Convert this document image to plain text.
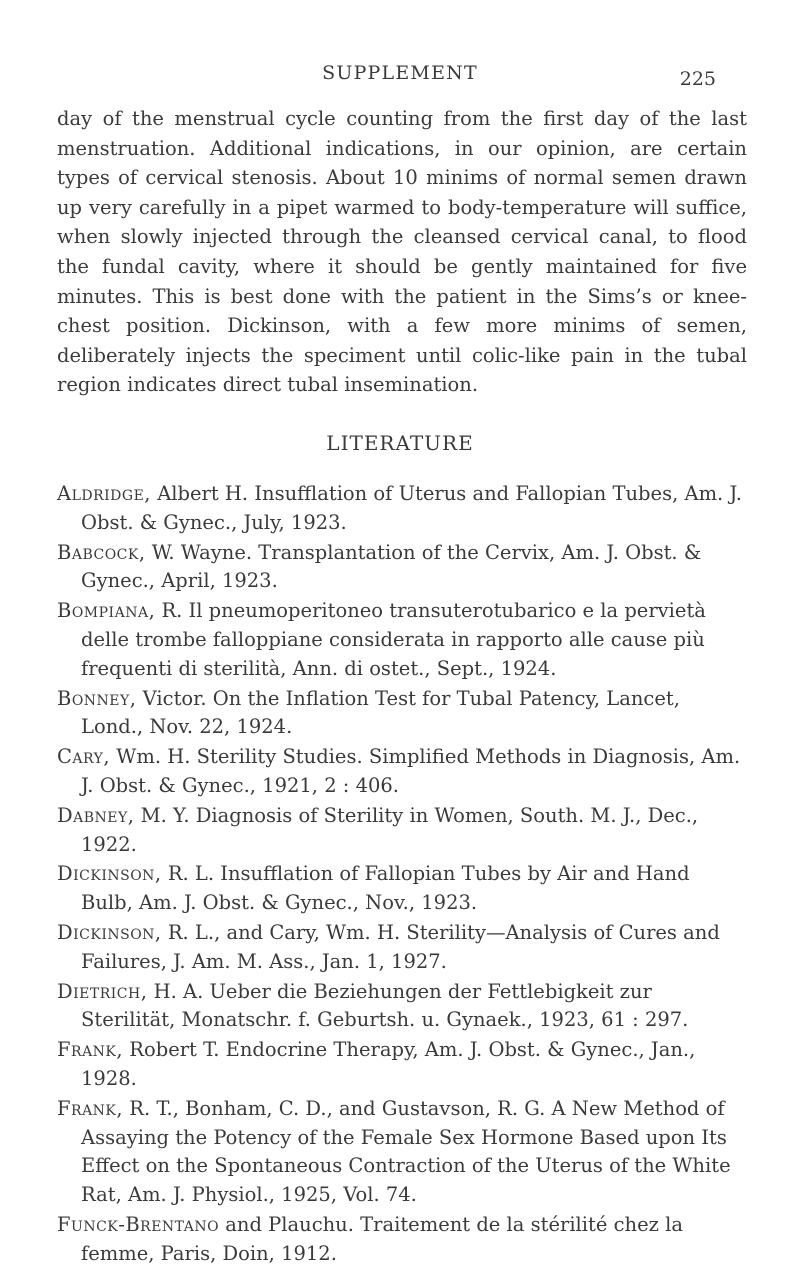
SUPPLEMENT	225

day of the menstrual cycle counting from the first day of the last menstruation. Additional indications, in our opinion, are certain types of cervical stenosis. About 10 minims of normal semen drawn up very carefully in a pipet warmed to body-temperature will suffice, when slowly injected through the cleansed cervical canal, to flood the fundal cavity, where it should be gently maintained for five minutes. This is best done with the patient in the Sims’s or knee-chest position. Dickinson, with a few more minims of semen, deliberately injects the speciment until colic-like pain in the tubal region indicates direct tubal insemination.

LITERATURE
Aldridge, Albert H. Insufflation of Uterus and Fallopian Tubes, Am. J. Obst. & Gynec., July, 1923.
Babcock, W. Wayne. Transplantation of the Cervix, Am. J. Obst. & Gynec., April, 1923.
Bompiana, R. Il pneumoperitoneo transuterotubarico e la pervietà delle trombe falloppiane considerata in rapporto alle cause più frequenti di sterilità, Ann. di ostet., Sept., 1924.
Bonney, Victor. On the Inflation Test for Tubal Patency, Lancet, Lond., Nov. 22, 1924.
Cary, Wm. H. Sterility Studies. Simplified Methods in Diagnosis, Am. J. Obst. & Gynec., 1921, 2 : 406.
Dabney, M. Y. Diagnosis of Sterility in Women, South. M. J., Dec., 1922.
Dickinson, R. L. Insufflation of Fallopian Tubes by Air and Hand Bulb, Am. J. Obst. & Gynec., Nov., 1923.
Dickinson, R. L., and Cary, Wm. H. Sterility—Analysis of Cures and Failures, J. Am. M. Ass., Jan. 1, 1927.
Dietrich, H. A. Ueber die Beziehungen der Fettlebigkeit zur Sterilität, Monatschr. f. Geburtsh. u. Gynaek., 1923, 61 : 297.
Frank, Robert T. Endocrine Therapy, Am. J. Obst. & Gynec., Jan., 1928.
Frank, R. T., Bonham, C. D., and Gustavson, R. G. A New Method of Assaying the Potency of the Female Sex Hormone Based upon Its Effect on the Spontaneous Contraction of the Uterus of the White Rat, Am. J. Physiol., 1925, Vol. 74.
Funck-Brentano and Plauchu. Traitement de la stérilité chez la femme, Paris, Doin, 1912.
